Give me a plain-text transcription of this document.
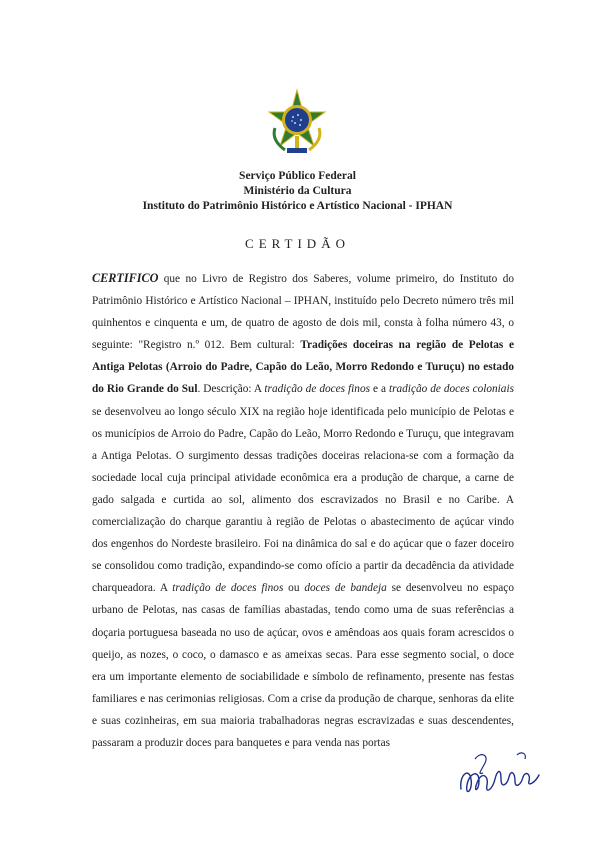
Serviço Público Federal
Ministério da Cultura
Instituto do Patrimônio Histórico e Artístico Nacional - IPHAN
CERTIDÃO
CERTIFICO que no Livro de Registro dos Saberes, volume primeiro, do Instituto do Patrimônio Histórico e Artístico Nacional – IPHAN, instituído pelo Decreto número três mil quinhentos e cinquenta e um, de quatro de agosto de dois mil, consta à folha número 43, o seguinte: "Registro n.º 012. Bem cultural: Tradições doceiras na região de Pelotas e Antiga Pelotas (Arroio do Padre, Capão do Leão, Morro Redondo e Turuçu) no estado do Rio Grande do Sul. Descrição: A tradição de doces finos e a tradição de doces coloniais se desenvolveu ao longo século XIX na região hoje identificada pelo município de Pelotas e os municípios de Arroio do Padre, Capão do Leão, Morro Redondo e Turuçu, que integravam a Antiga Pelotas. O surgimento dessas tradições doceiras relaciona-se com a formação da sociedade local cuja principal atividade econômica era a produção de charque, a carne de gado salgada e curtida ao sol, alimento dos escravizados no Brasil e no Caribe. A comercialização do charque garantiu à região de Pelotas o abastecimento de açúcar vindo dos engenhos do Nordeste brasileiro. Foi na dinâmica do sal e do açúcar que o fazer doceiro se consolidou como tradição, expandindo-se como ofício a partir da decadência da atividade charqueadora. A tradição de doces finos ou doces de bandeja se desenvolveu no espaço urbano de Pelotas, nas casas de famílias abastadas, tendo como uma de suas referências a doçaria portuguesa baseada no uso de açúcar, ovos e amêndoas aos quais foram acrescidos o queijo, as nozes, o coco, o damasco e as ameixas secas. Para esse segmento social, o doce era um importante elemento de sociabilidade e símbolo de refinamento, presente nas festas familiares e nas cerimonias religiosas. Com a crise da produção de charque, senhoras da elite e suas cozinheiras, em sua maioria trabalhadoras negras escravizadas e suas descendentes, passaram a produzir doces para banquetes e para venda nas portas
